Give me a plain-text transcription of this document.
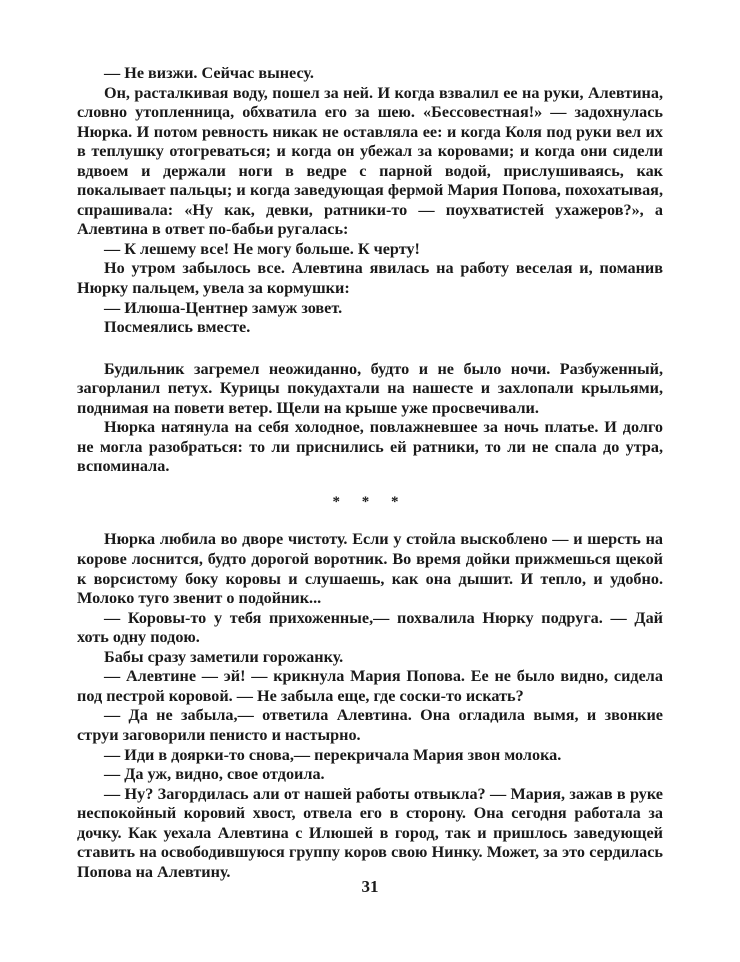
— Не визжи. Сейчас вынесу.

Он, расталкивая воду, пошел за ней. И когда взвалил ее на руки, Алевтина, словно утопленница, обхватила его за шею. «Бессовестная!» — задохнулась Нюрка. И потом ревность никак не оставляла ее: и когда Коля под руки вел их в теплушку отогреваться; и когда он убежал за коровами; и когда они сидели вдвоем и держали ноги в ведре с парной водой, прислушиваясь, как покалывает пальцы; и когда заведующая фермой Мария Попова, похохатывая, спрашивала: «Ну как, девки, ратники-то — поухватистей ухажеров?», а Алевтина в ответ по-бабьи ругалась:

— К лешему все! Не могу больше. К черту!

Но утром забылось все. Алевтина явилась на работу веселая и, поманив Нюрку пальцем, увела за кормушки:

— Илюша-Центнер замуж зовет.

Посмеялись вместе.

Будильник загремел неожиданно, будто и не было ночи. Разбуженный, загорланил петух. Курицы покудахтали на нашесте и захлопали крыльями, поднимая на повети ветер. Щели на крыше уже просвечивали.

Нюрка натянула на себя холодное, повлажневшее за ночь платье. И долго не могла разобраться: то ли приснились ей ратники, то ли не спала до утра, вспоминала.

* * *

Нюрка любила во дворе чистоту. Если у стойла выскоблено — и шерсть на корове лоснится, будто дорогой воротник. Во время дойки прижмешься щекой к ворсистому боку коровы и слушаешь, как она дышит. И тепло, и удобно. Молоко туго звенит о подойник...

— Коровы-то у тебя прихоженные,— похвалила Нюрку подруга. — Дай хоть одну подою.

Бабы сразу заметили горожанку.

— Алевтине — эй! — крикнула Мария Попова. Ее не было видно, сидела под пестрой коровой. — Не забыла еще, где соски-то искать?

— Да не забыла,— ответила Алевтина. Она огладила вымя, и звонкие струи заговорили пенисто и настырно.

— Иди в доярки-то снова,— перекричала Мария звон молока.

— Да уж, видно, свое отдоила.

— Ну? Загордилась али от нашей работы отвыкла? — Мария, зажав в руке неспокойный коровий хвост, отвела его в сторону. Она сегодня работала за дочку. Как уехала Алевтина с Илюшей в город, так и пришлось заведующей ставить на освободившуюся группу коров свою Нинку. Может, за это сердилась Попова на Алевтину.

31
